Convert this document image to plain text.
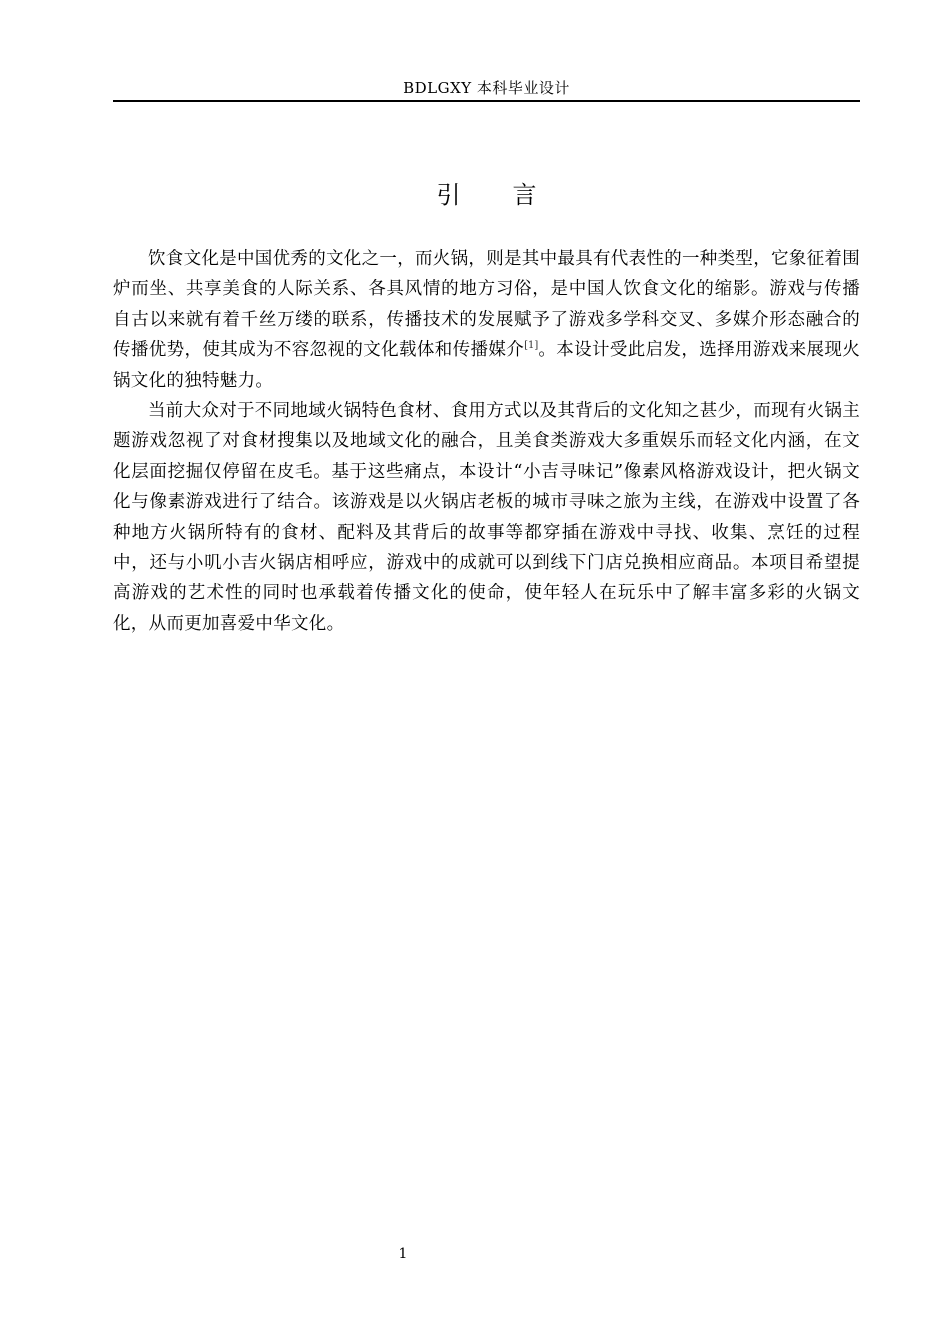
BDLGXY 本科毕业设计
引言

饮食文化是中国优秀的文化之一，而火锅，则是其中最具有代表性的一种类型，它象征着围炉而坐、共享美食的人际关系、各具风情的地方习俗，是中国人饮食文化的缩影。游戏与传播自古以来就有着千丝万缕的联系，传播技术的发展赋予了游戏多学科交叉、多媒介形态融合的传播优势，使其成为不容忽视的文化载体和传播媒介[1]。本设计受此启发，选择用游戏来展现火锅文化的独特魅力。

当前大众对于不同地域火锅特色食材、食用方式以及其背后的文化知之甚少，而现有火锅主题游戏忽视了对食材搜集以及地域文化的融合，且美食类游戏大多重娱乐而轻文化内涵，在文化层面挖掘仅停留在皮毛。基于这些痛点，本设计“小吉寻味记”像素风格游戏设计，把火锅文化与像素游戏进行了结合。该游戏是以火锅店老板的城市寻味之旅为主线，在游戏中设置了各种地方火锅所特有的食材、配料及其背后的故事等都穿插在游戏中寻找、收集、烹饪的过程中，还与小叽小吉火锅店相呼应，游戏中的成就可以到线下门店兑换相应商品。本项目希望提高游戏的艺术性的同时也承载着传播文化的使命，使年轻人在玩乐中了解丰富多彩的火锅文化，从而更加喜爱中华文化。

1
